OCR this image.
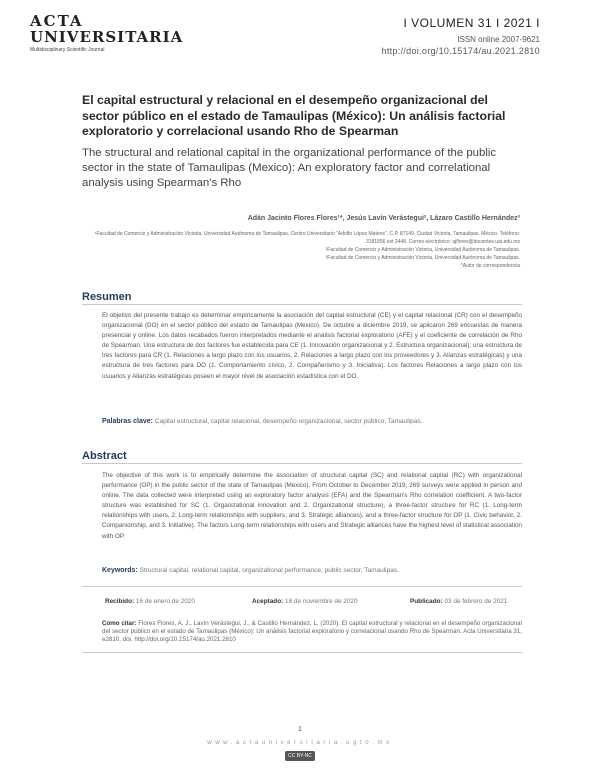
ACTA
UNIVERSITARIA
Multidisciplinary Scientific Journal
I VOLUMEN 31 I 2021 I
ISSN online 2007-9621
http://doi.org/10.15174/au.2021.2810
El capital estructural y relacional en el desempeño organizacional del sector público en el estado de Tamaulipas (México): Un análisis factorial exploratorio y correlacional usando Rho de Spearman
The structural and relational capital in the organizational performance of the public sector in the state of Tamaulipas (Mexico): An exploratory factor and correlational analysis using Spearman's Rho
Adán Jacinto Flores Flores¹*, Jesús Lavín Verástegui², Lázaro Castillo Hernández³
¹Facultad de Comercio y Administración Victoria, Universidad Autónoma de Tamaulipas. Centro Universitario "Adolfo López Mateos", C.P. 87149, Ciudad Victoria, Tamaulipas, México. Teléfono: 3181856 ext 2448. Correo electrónico: ajflores@docentes.uat.edu.mx
²Facultad de Comercio y Administración Victoria, Universidad Autónoma de Tamaulipas.
³Facultad de Comercio y Administración Victoria, Universidad Autónoma de Tamaulipas.
*Autor de correspondencia
Resumen
El objetivo del presente trabajo es determinar empíricamente la asociación del capital estructural (CE) y el capital relacional (CR) con el desempeño organizacional (DO) en el sector público del estado de Tamaulipas (México). De octubre a diciembre 2019, se aplicaron 269 encuestas de manera presencial y online. Los datos recabados fueron interpretados mediante el análisis factorial exploratorio (AFE) y el coeficiente de correlación de Rho de Spearman. Una estructura de dos factores fue establecida para CE (1. Innovación organizacional y 2. Estructura organizacional); una estructura de tres factores para CR (1. Relaciones a largo plazo con los usuarios, 2. Relaciones a largo plazo con los proveedores y 3. Alianzas estratégicas) y una estructura de tres factores para DO (1. Comportamiento cívico, 2. Compañerismo y 3. Iniciativa). Los factores Relaciones a largo plazo con los usuarios y Alianzas estratégicas poseen el mayor nivel de asociación estadística con el DO.
Palabras clave: Capital estructural, capital relacional, desempeño organizacional, sector público, Tamaulipas.
Abstract
The objective of this work is to empirically determine the association of structural capital (SC) and relational capital (RC) with organizational performance (OP) in the public sector of the state of Tamaulipas (Mexico). From October to December 2019, 269 surveys were applied in person and online. The data collected were interpreted using an exploratory factor analysis (EFA) and the Spearman's Rho correlation coefficient. A two-factor structure was established for SC (1. Organizational innovation and 2. Organizational structure), a three-factor structure for RC (1. Long-term relationships with users, 2. Long-term relationships with suppliers, and 3. Strategic alliances), and a three-factor structure for OP (1. Civic behavior, 2. Companionship, and 3. Initiative). The factors Long-term relationships with users and Strategic alliances have the highest level of statistical association with OP.
Keywords: Structural capital, relational capital, organizational performance, public sector, Tamaulipas.
Recibido: 16 de enero de 2020	Aceptado: 18 de noviembre de 2020	Publicado: 03 de febrero de 2021
Como citar: Flores Flores, A. J., Lavín Verástegui, J., & Castillo Hernández, L. (2020). El capital estructural y relacional en el desempeño organizacional del sector público en el estado de Tamaulipas (México): Un análisis factorial exploratorio y correlacional usando Rho de Spearman. Acta Universitaria 31, e2810. doi. http://doi.org/10.15174/au.2021.2810
1
www.actauniversitaria.ugto.mx
CC BY-NC
